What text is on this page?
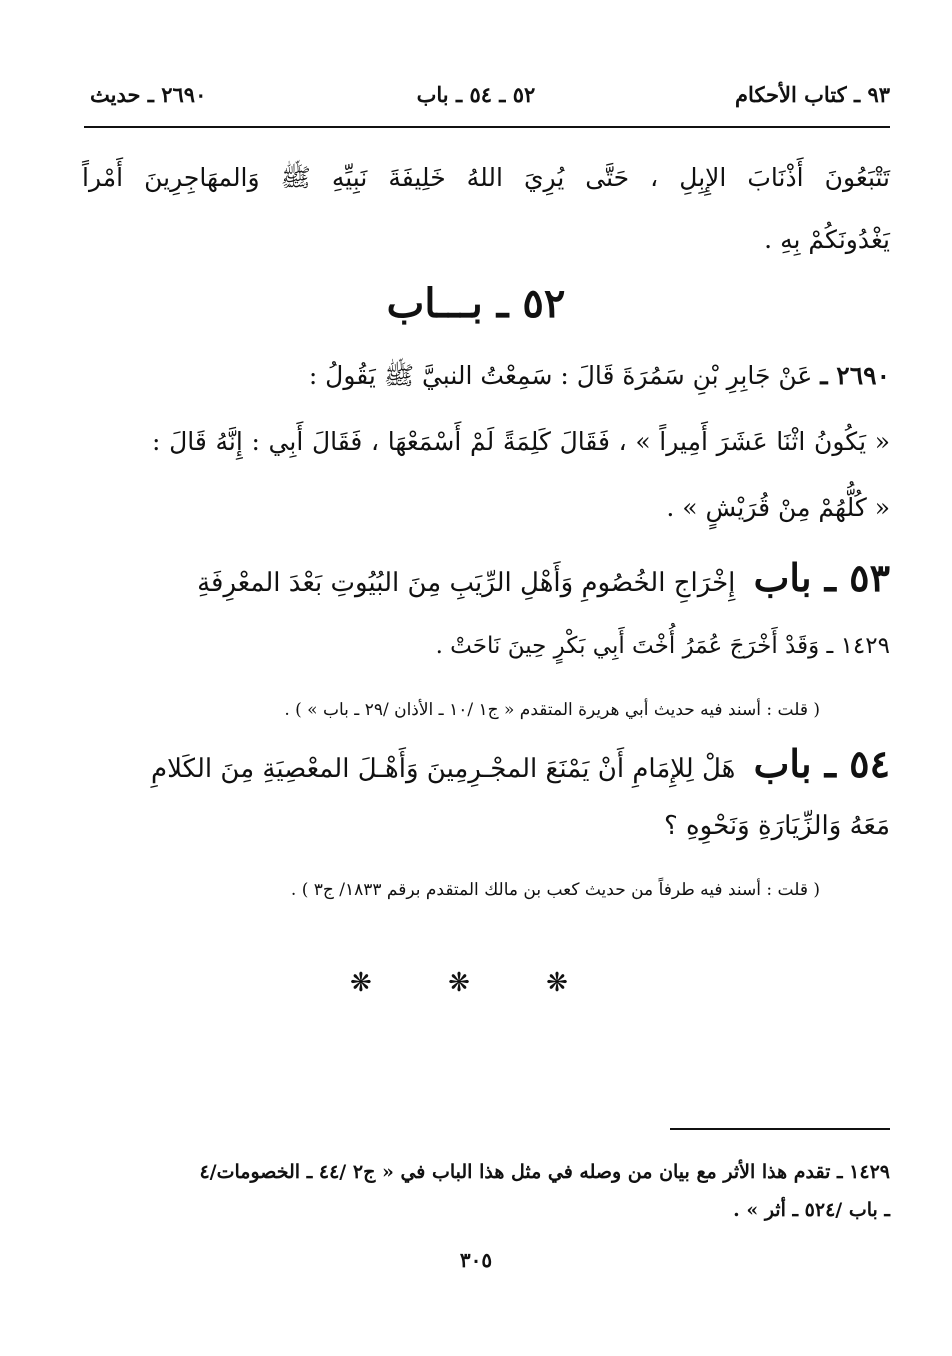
٢٦٩٠ ـ حديث	٥٢ ـ ٥٤ ـ باب	٩٣ ـ كتاب الأحكام
تَتْبَعُونَ أَذْنَابَ الإِبِلِ ، حَتَّى يُرِيَ اللهُ خَلِيفَةَ نَبِيِّهِ ﷺ وَالمهَاجِرِينَ أَمْراً
يَغْدُونَكُمْ بِهِ .
٥٢ ـ بـــاب
٢٦٩٠ ـ عَنْ جَابِرِ بْنِ سَمُرَةَ قَالَ : سَمِعْتُ النبيَّ ﷺ يَقُولُ :
« يَكُونُ اثْنَا عَشَرَ أَمِيراً » ، فَقَالَ كَلِمَةً لَمْ أَسْمَعْهَا ، فَقَالَ أَبِي : إِنَّهُ قَالَ :
« كُلُّهُمْ مِنْ قُرَيْشٍ » .
٥٣ ـ باب إِخْرَاجِ الخُصُومِ وَأَهْلِ الرِّيَبِ مِنَ البُيُوتِ بَعْدَ المعْرِفَةِ
١٤٢٩ ـ وَقَدْ أَخْرَجَ عُمَرُ أُخْتَ أَبِي بَكْرٍ حِينَ نَاحَتْ .
( قلت : أسند فيه حديث أبي هريرة المتقدم « ج١ /١٠ ـ الأذان /٢٩ ـ باب » ) .
٥٤ ـ باب هَلْ لِلإِمَامِ أَنْ يَمْنَعَ المجْـرِمِينَ وَأَهْـلَ المعْصِيَةِ مِنَ الكَلامِ
مَعَهُ وَالزِّيَارَةِ وَنَحْوِهِ ؟
( قلت : أسند فيه طرفاً من حديث كعب بن مالك المتقدم برقم ١٨٣٣/ ج٣ ) .
❋ ❋ ❋
١٤٢٩ ـ تقدم هذا الأثر مع بيان من وصله في مثل هذا الباب في « ج٢ /٤٤ ـ الخصومات/٤
ـ باب /٥٢٤ ـ أثر » .
٣٠٥
